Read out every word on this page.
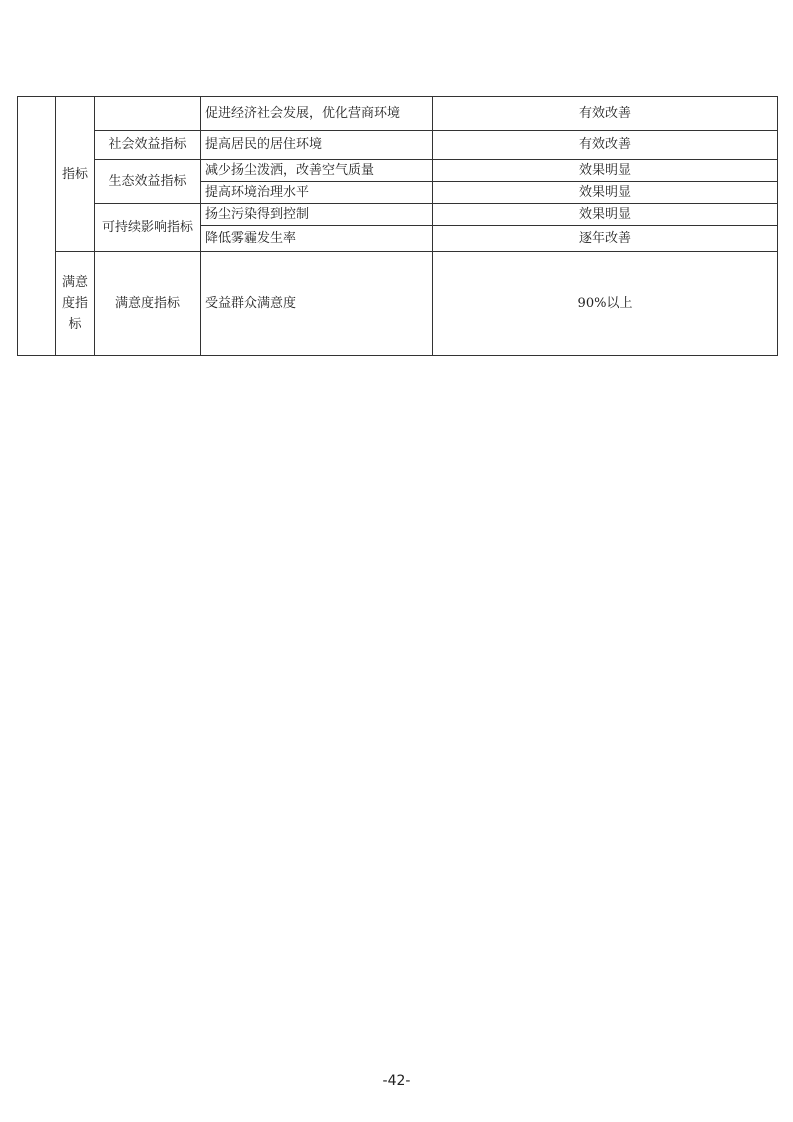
	指标		促进经济社会发展，优化营商环境	有效改善
		社会效益指标	提高居民的居住环境	有效改善
		生态效益指标	减少扬尘泼洒，改善空气质量	效果明显
			提高环境治理水平	效果明显
		可持续影响指标	扬尘污染得到控制	效果明显
			降低雾霾发生率	逐年改善

	满意度指标	满意度指标	受益群众满意度	90%以上
-42-
